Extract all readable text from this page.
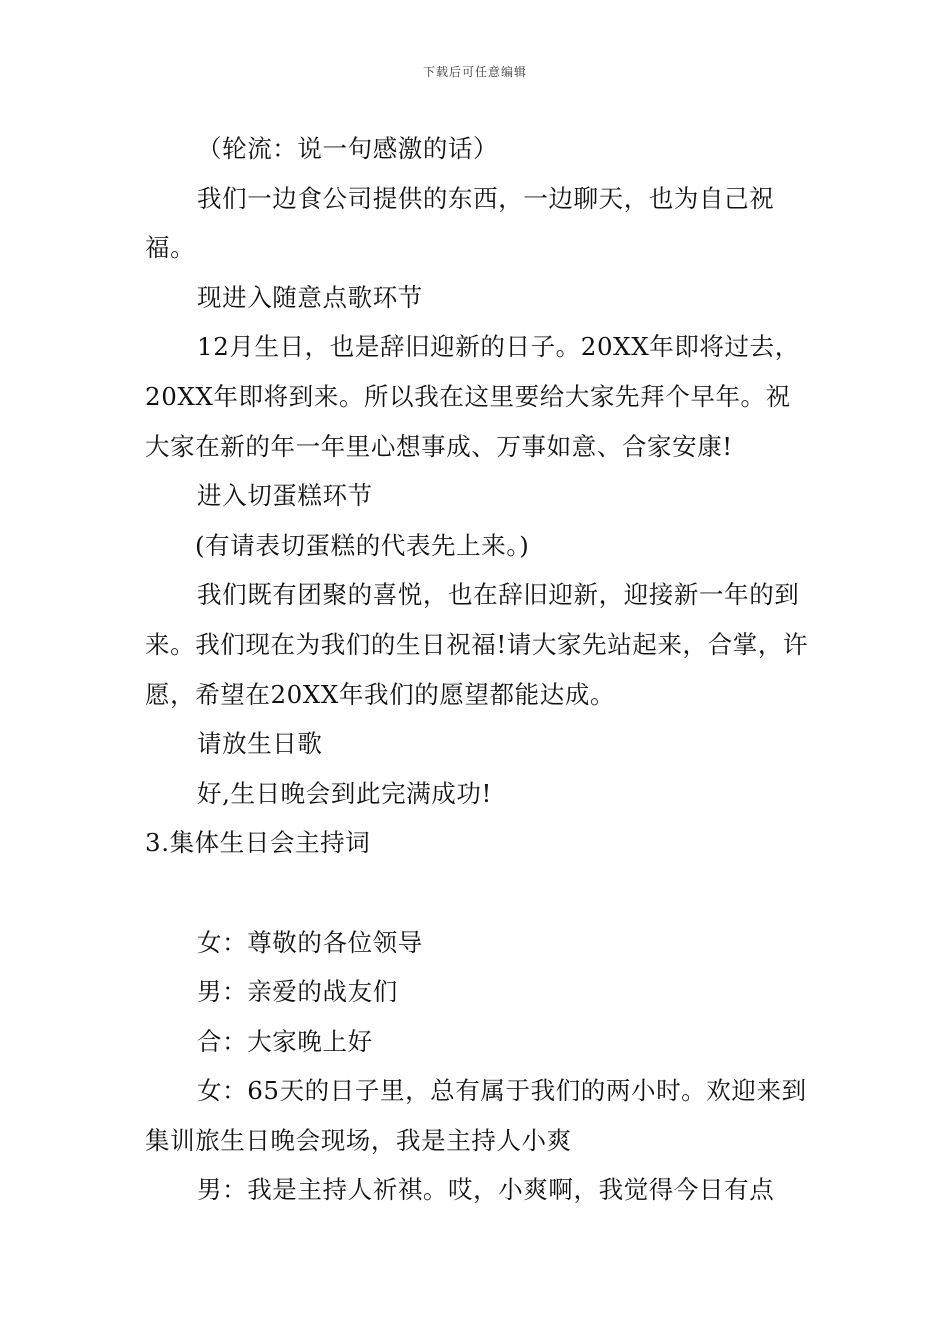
下载后可任意编辑

（轮流：说一句感激的话）

我们一边食公司提供的东西，一边聊天，也为自己祝福。

现进入随意点歌环节

12月生日，也是辞旧迎新的日子。20XX年即将过去，20XX年即将到来。所以我在这里要给大家先拜个早年。祝大家在新的年一年里心想事成、万事如意、合家安康!

进入切蛋糕环节

(有请表切蛋糕的代表先上来。)

我们既有团聚的喜悦，也在辞旧迎新，迎接新一年的到来。我们现在为我们的生日祝福!请大家先站起来，合掌，许愿，希望在20XX年我们的愿望都能达成。

请放生日歌

好,生日晚会到此完满成功!

3.集体生日会主持词

女：尊敬的各位领导

男：亲爱的战友们

合：大家晚上好

女：65天的日子里，总有属于我们的两小时。欢迎来到集训旅生日晚会现场，我是主持人小爽

男：我是主持人祈祺。哎，小爽啊，我觉得今日有点
